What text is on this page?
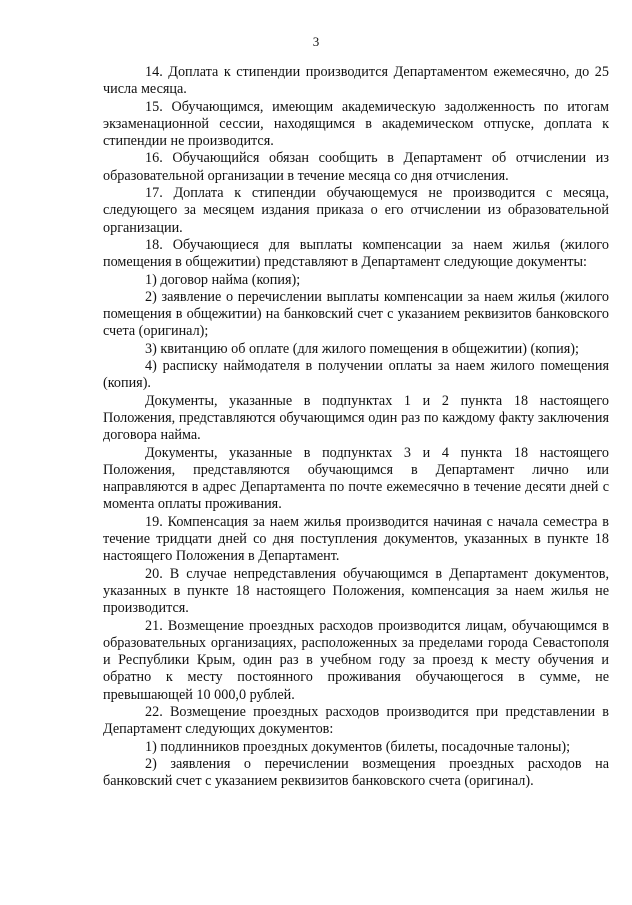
3

14. Доплата к стипендии производится Департаментом ежемесячно, до 25 числа месяца.

15. Обучающимся, имеющим академическую задолженность по итогам экзаменационной сессии, находящимся в академическом отпуске, доплата к стипендии не производится.

16. Обучающийся обязан сообщить в Департамент об отчислении из образовательной организации в течение месяца со дня отчисления.

17. Доплата к стипендии обучающемуся не производится с месяца, следующего за месяцем издания приказа о его отчислении из образовательной организации.

18. Обучающиеся для выплаты компенсации за наем жилья (жилого помещения в общежитии) представляют в Департамент следующие документы:

1) договор найма (копия);

2) заявление о перечислении выплаты компенсации за наем жилья (жилого помещения в общежитии) на банковский счет с указанием реквизитов банковского счета (оригинал);

3) квитанцию об оплате (для жилого помещения в общежитии) (копия);

4) расписку наймодателя в получении оплаты за наем жилого помещения (копия).

Документы, указанные в подпунктах 1 и 2 пункта 18 настоящего Положения, представляются обучающимся один раз по каждому факту заключения договора найма.

Документы, указанные в подпунктах 3 и 4 пункта 18 настоящего Положения, представляются обучающимся в Департамент лично или направляются в адрес Департамента по почте ежемесячно в течение десяти дней с момента оплаты проживания.

19. Компенсация за наем жилья производится начиная с начала семестра в течение тридцати дней со дня поступления документов, указанных в пункте 18 настоящего Положения в Департамент.

20. В случае непредставления обучающимся в Департамент документов, указанных в пункте 18 настоящего Положения, компенсация за наем жилья не производится.

21. Возмещение проездных расходов производится лицам, обучающимся в образовательных организациях, расположенных за пределами города Севастополя и Республики Крым, один раз в учебном году за проезд к месту обучения и обратно к месту постоянного проживания обучающегося в сумме, не превышающей 10 000,0 рублей.

22. Возмещение проездных расходов производится при представлении в Департамент следующих документов:

1) подлинников проездных документов (билеты, посадочные талоны);

2) заявления о перечислении возмещения проездных расходов на банковский счет с указанием реквизитов банковского счета (оригинал).
